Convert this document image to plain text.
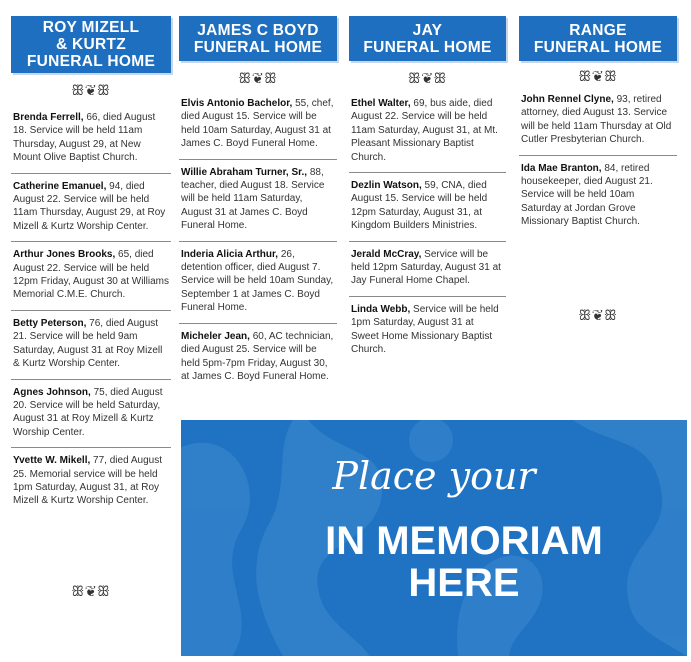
ROY MIZELL
& KURTZ
FUNERAL HOME
ꕥ❦ꕥ
Brenda Ferrell, 66, died August 18. Service will be held 11am Thursday, August 29, at New Mount Olive Baptist Church.
Catherine Emanuel, 94, died August 22. Service will be held 11am Thursday, August 29, at Roy Mizell & Kurtz Worship Center.
Arthur Jones Brooks, 65, died August 22. Service will be held 12pm Friday, August 30 at Williams Memorial C.M.E. Church.
Betty Peterson, 76, died August 21. Service will be held 9am Saturday, August 31 at Roy Mizell & Kurtz Worship Center.
Agnes Johnson, 75, died August 20. Service will be held Saturday, August 31 at Roy Mizell & Kurtz Worship Center.
Yvette W. Mikell, 77, died August 25. Memorial service will be held 1pm Saturday, August 31, at Roy Mizell & Kurtz Worship Center.
ꕥ❦ꕥ
JAMES C BOYD
FUNERAL HOME
ꕥ❦ꕥ
Elvis Antonio Bachelor, 55, chef, died August 15. Service will be held 10am Saturday, August 31 at James C. Boyd Funeral Home.
Willie Abraham Turner, Sr., 88, teacher, died August 18. Service will be held 11am Saturday, August 31 at James C. Boyd Funeral Home.
Inderia Alicia Arthur, 26, detention officer, died August 7. Service will be held 10am Sunday, September 1 at James C. Boyd Funeral Home.
Micheler Jean, 60, AC technician, died August 25. Service will be held 5pm-7pm Friday, August 30, at James C. Boyd Funeral Home.
JAY
FUNERAL HOME
ꕥ❦ꕥ
Ethel Walter, 69, bus aide, died August 22. Service will be held 11am Saturday, August 31, at Mt. Pleasant Missionary Baptist Church.
Dezlin Watson, 59, CNA, died August 15. Service will be held 12pm Saturday, August 31, at Kingdom Builders Ministries.
Jerald McCray, Service will be held 12pm Saturday, August 31 at Jay Funeral Home Chapel.
Linda Webb, Service will be held 1pm Saturday, August 31 at Sweet Home Missionary Baptist Church.
RANGE
FUNERAL HOME
ꕥ❦ꕥ
John Rennel Clyne, 93, retired attorney, died August 13. Service will be held 11am Thursday at Old Cutler Presbyterian Church.
Ida Mae Branton, 84, retired housekeeper, died August 21. Service will be held 10am Saturday at Jordan Grove Missionary Baptist Church.
ꕥ❦ꕥ
Place your
IN MEMORIAM
HERE
